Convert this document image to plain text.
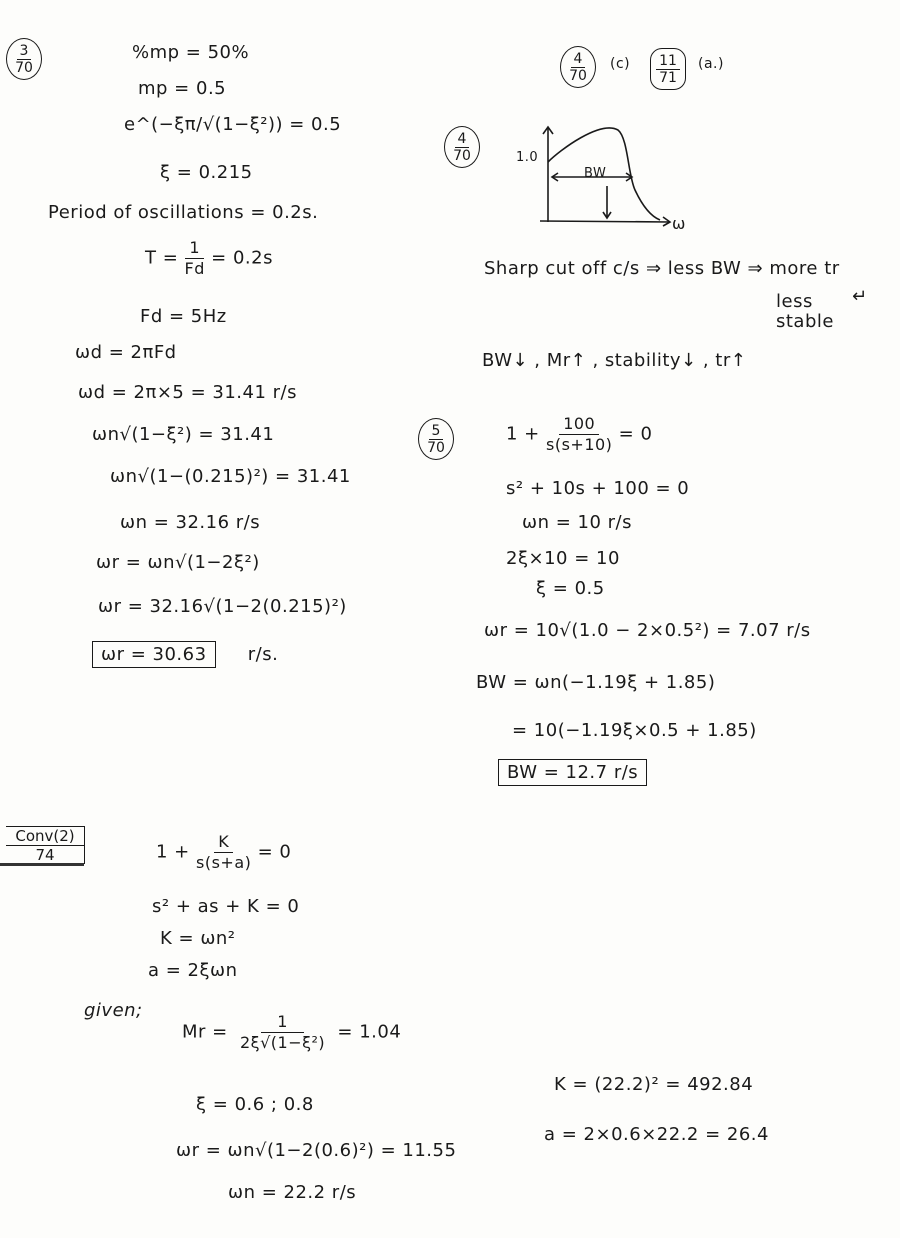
$\frac{3}{70}$	%mp = 50%
mp = 0.5
e^(−ξπ/√(1−ξ²)) = 0.5
ξ = 0.215
Period of oscillations = 0.2s.
$T = \frac{1}{Fd} = 0.2s$
Fd = 5Hz
ωd = 2πFd
ωd = 2π×5 = 31.41 r/s
ωn√(1−ξ²) = 31.41
ωn√(1−(0.215)²) = 31.41
ωn = 32.16 r/s
ωr = ωn√(1−2ξ²)
ωr = 32.16√(1−2(0.215)²)
ωr = 30.63 r/s.
$\frac{4}{70} (c) \frac{11}{71} (a.)$
$\frac{4}{70}$	1.0
BW
ω
Sharp cut off c/s ⇒ less BW ⇒ more tr
less
stable
↵
BW↓ , Mr↑ , stability↓ , tr↑
$\frac{5}{70}$	$1 + \frac{100}{s(s+10)} = 0$
s² + 10s + 100 = 0
ωn = 10 r/s
2ξ×10 = 10
ξ = 0.5
ωr = 10√(1.0 − 2×0.5²) = 7.07 r/s
BW = ωn(−1.19ξ + 1.85)
= 10(−1.19ξ×0.5 + 1.85)
BW = 12.7 r/s
Conv(2)
74	$1 + \frac{K}{s(s+a)} = 0$
s² + as + K = 0
K = ωn²
a = 2ξωn
given;
$Mr = \frac{1}{\text{2ξ√(1−ξ²)}} = 1.04$
ξ = 0.6 ; 0.8
ωr = ωn√(1−2(0.6)²) = 11.55
ωn = 22.2 r/s
K = (22.2)² = 492.84
a = 2×0.6×22.2 = 26.4
